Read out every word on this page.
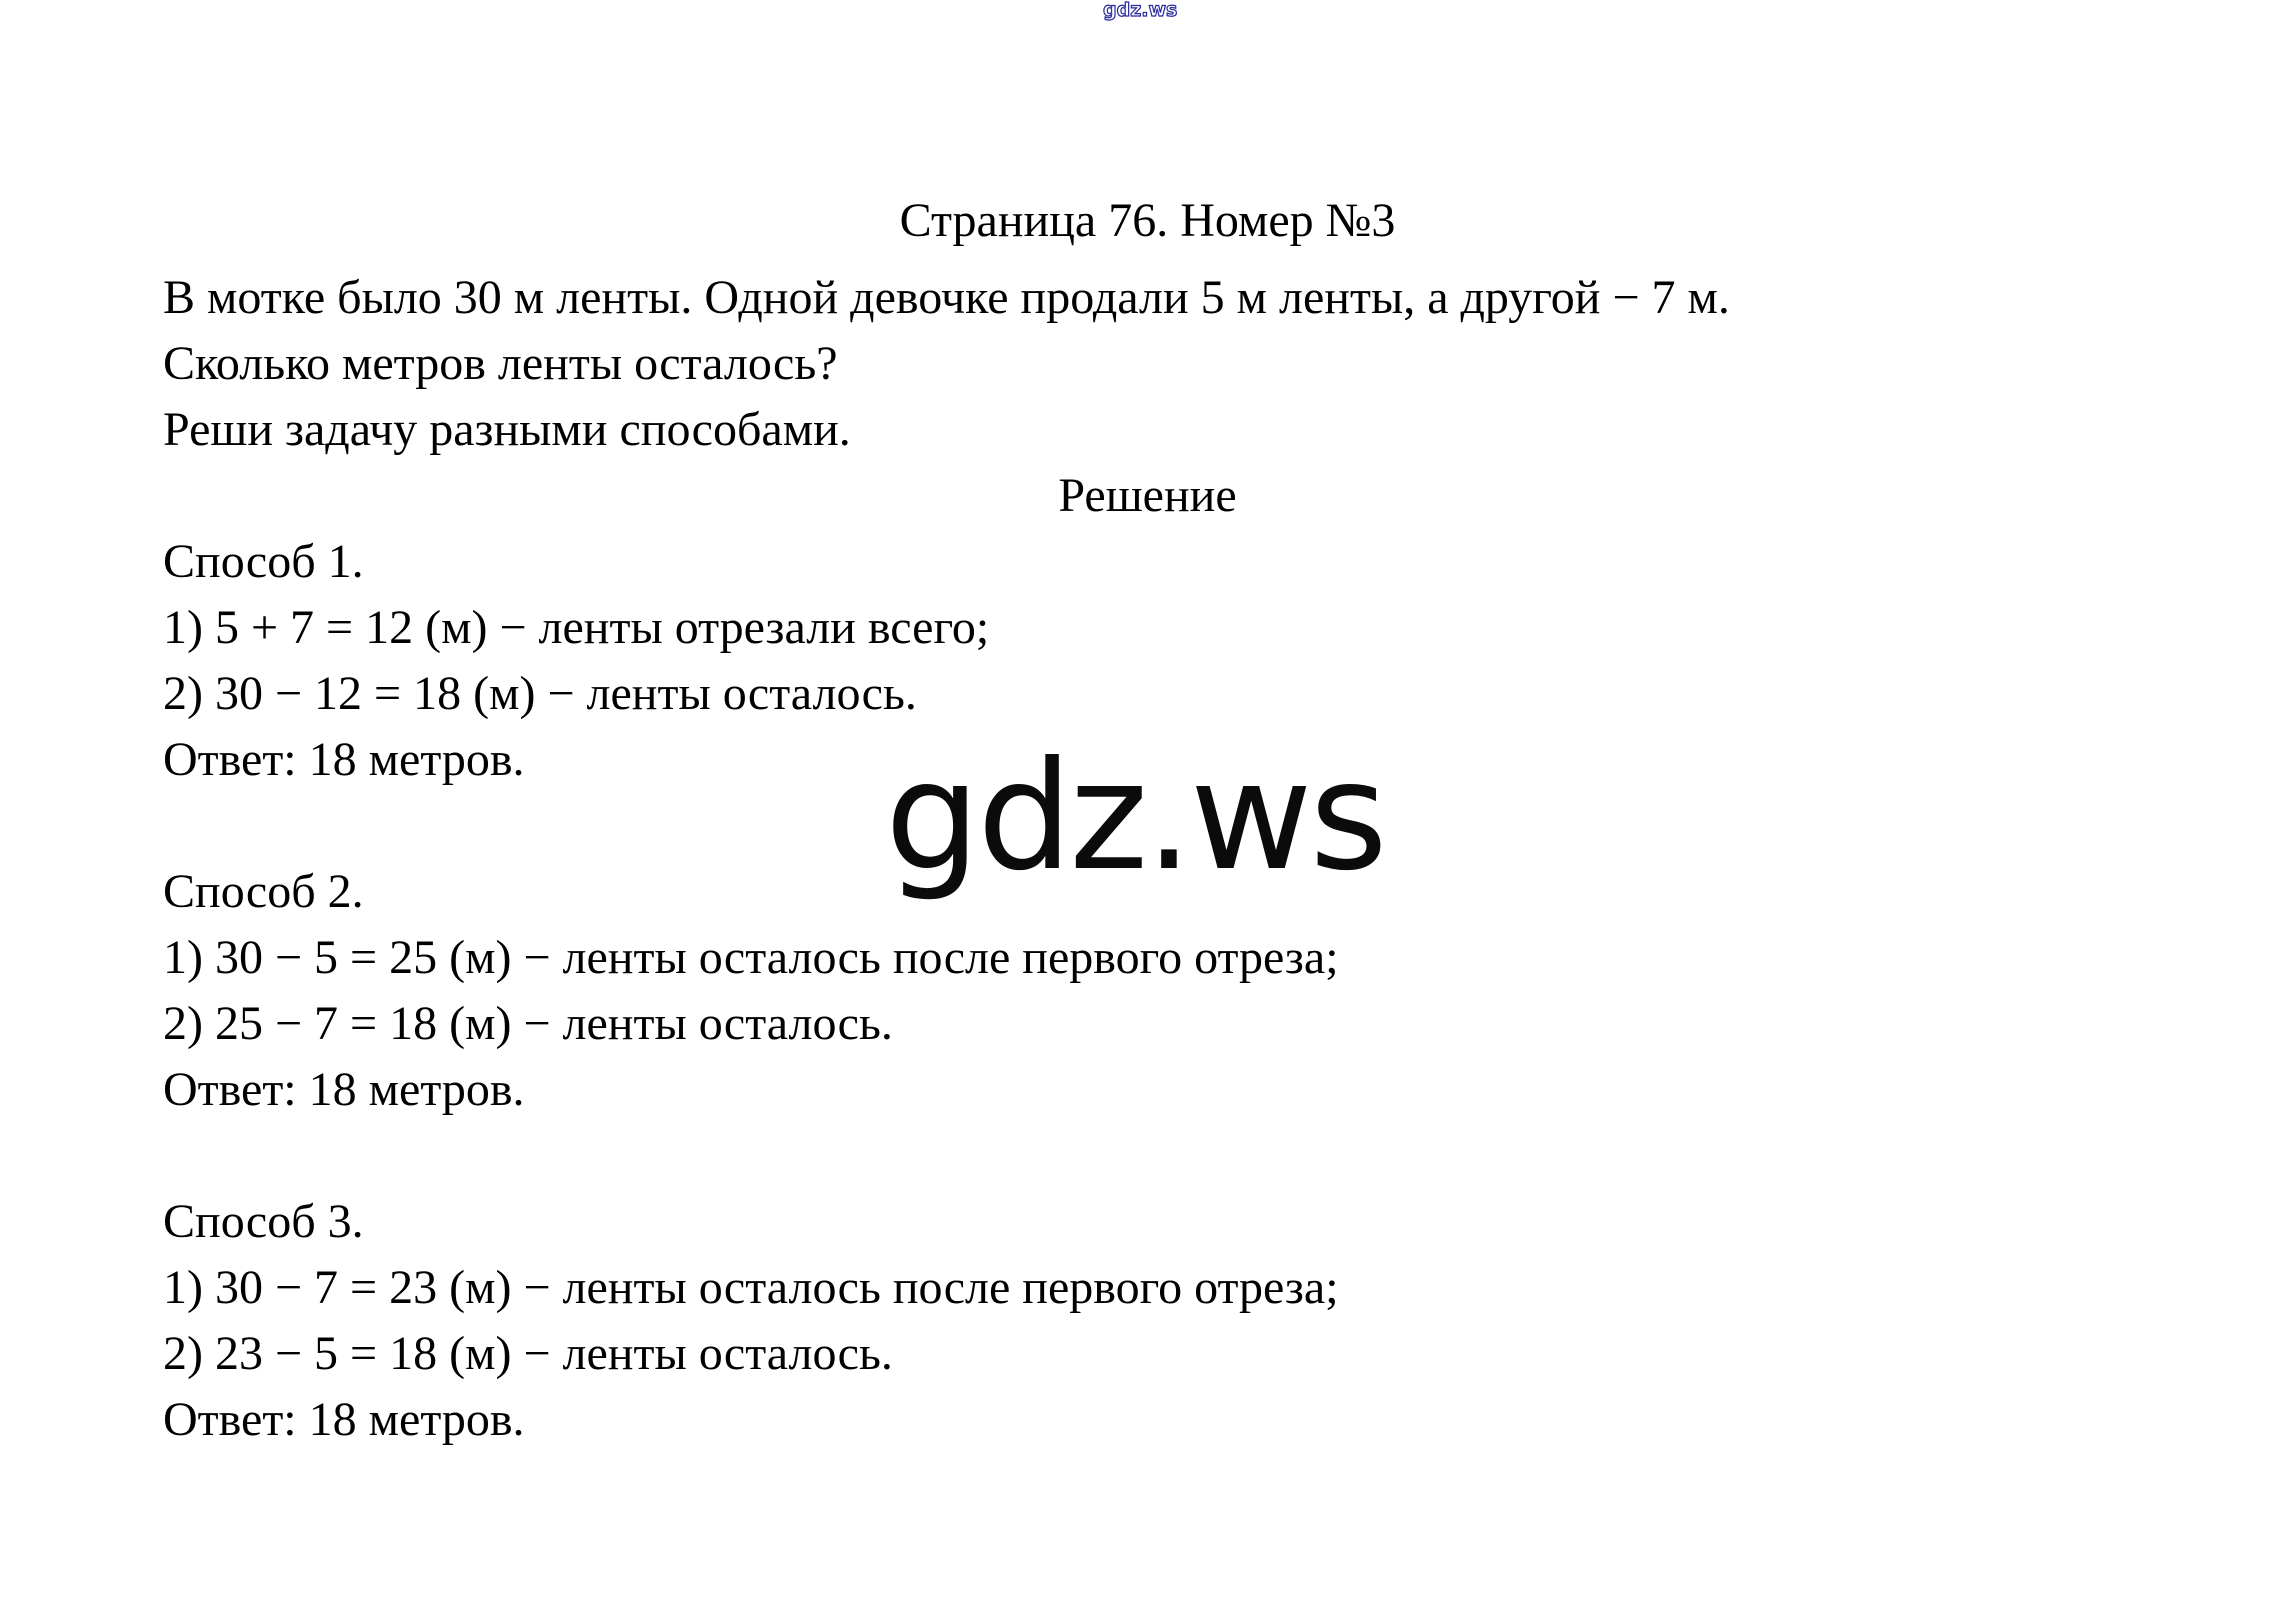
gdz.ws
Страница 76. Номер №3

В мотке было 30 м ленты. Одной девочке продали 5 м ленты, а другой − 7 м.

Сколько метров ленты осталось?

Реши задачу разными способами.

Решение

Способ 1.

1) 5 + 7 = 12 (м) − ленты отрезали всего;

2) 30 − 12 = 18 (м) − ленты осталось.

Ответ: 18 метров.

Способ 2.

1) 30 − 5 = 25 (м) − ленты осталось после первого отреза;

2) 25 − 7 = 18 (м) − ленты осталось.

Ответ: 18 метров.

Способ 3.

1) 30 − 7 = 23 (м) − ленты осталось после первого отреза;

2) 23 − 5 = 18 (м) − ленты осталось.

Ответ: 18 метров.

gdz.ws
